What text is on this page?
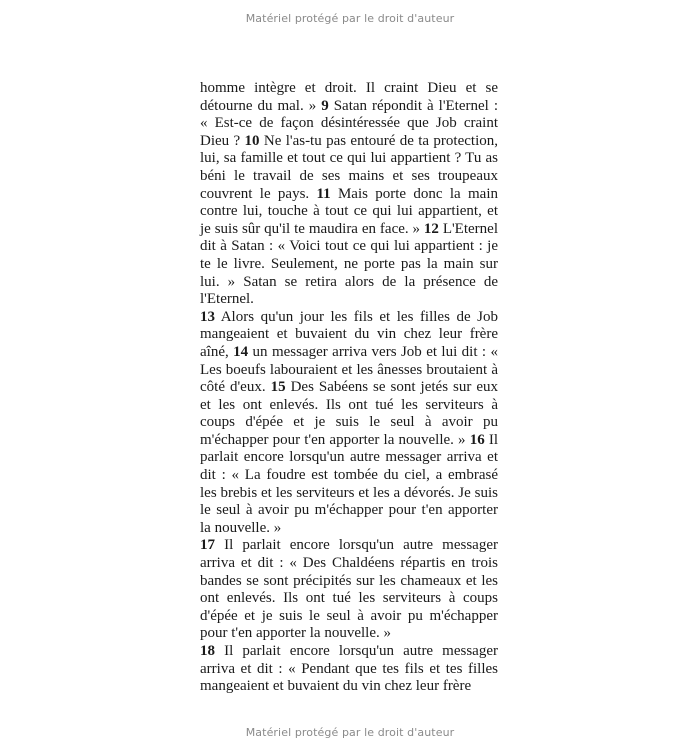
Matériel protégé par le droit d'auteur

homme intègre et droit. Il craint Dieu et se détourne du mal. » 9 Satan répondit à l'Eternel : « Est-ce de façon désintéressée que Job craint Dieu ? 10 Ne l'as-tu pas entouré de ta protection, lui, sa famille et tout ce qui lui appartient ? Tu as béni le travail de ses mains et ses troupeaux couvrent le pays. 11 Mais porte donc la main contre lui, touche à tout ce qui lui appartient, et je suis sûr qu'il te maudira en face. » 12 L'Eternel dit à Satan : « Voici tout ce qui lui appartient : je te le livre. Seulement, ne porte pas la main sur lui. » Satan se retira alors de la présence de l'Eternel.

13 Alors qu'un jour les fils et les filles de Job mangeaient et buvaient du vin chez leur frère aîné, 14 un messager arriva vers Job et lui dit : « Les boeufs labouraient et les ânesses broutaient à côté d'eux. 15 Des Sabéens se sont jetés sur eux et les ont enlevés. Ils ont tué les serviteurs à coups d'épée et je suis le seul à avoir pu m'échapper pour t'en apporter la nouvelle. » 16 Il parlait encore lorsqu'un autre messager arriva et dit : « La foudre est tombée du ciel, a embrasé les brebis et les serviteurs et les a dévorés. Je suis le seul à avoir pu m'échapper pour t'en apporter la nouvelle. »

17 Il parlait encore lorsqu'un autre messager arriva et dit : « Des Chaldéens répartis en trois bandes se sont précipités sur les chameaux et les ont enlevés. Ils ont tué les serviteurs à coups d'épée et je suis le seul à avoir pu m'échapper pour t'en apporter la nouvelle. »

18 Il parlait encore lorsqu'un autre messager arriva et dit : « Pendant que tes fils et tes filles mangeaient et buvaient du vin chez leur frère

Matériel protégé par le droit d'auteur
